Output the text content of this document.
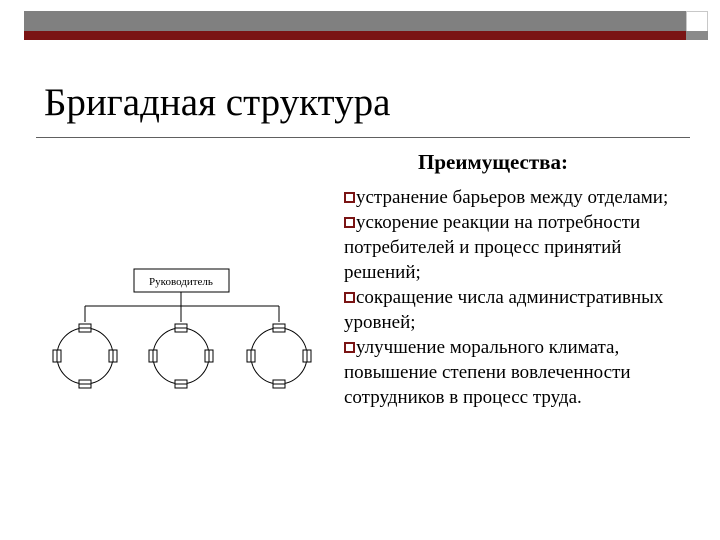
Бригадная структура
Руководитель
Преимущества:
устранение барьеров между отделами;
ускорение реакции на потребности потребителей и процесс принятий решений;
сокращение числа административных уровней;
улучшение морального климата, повышение степени вовлеченности сотрудников в процесс труда.
